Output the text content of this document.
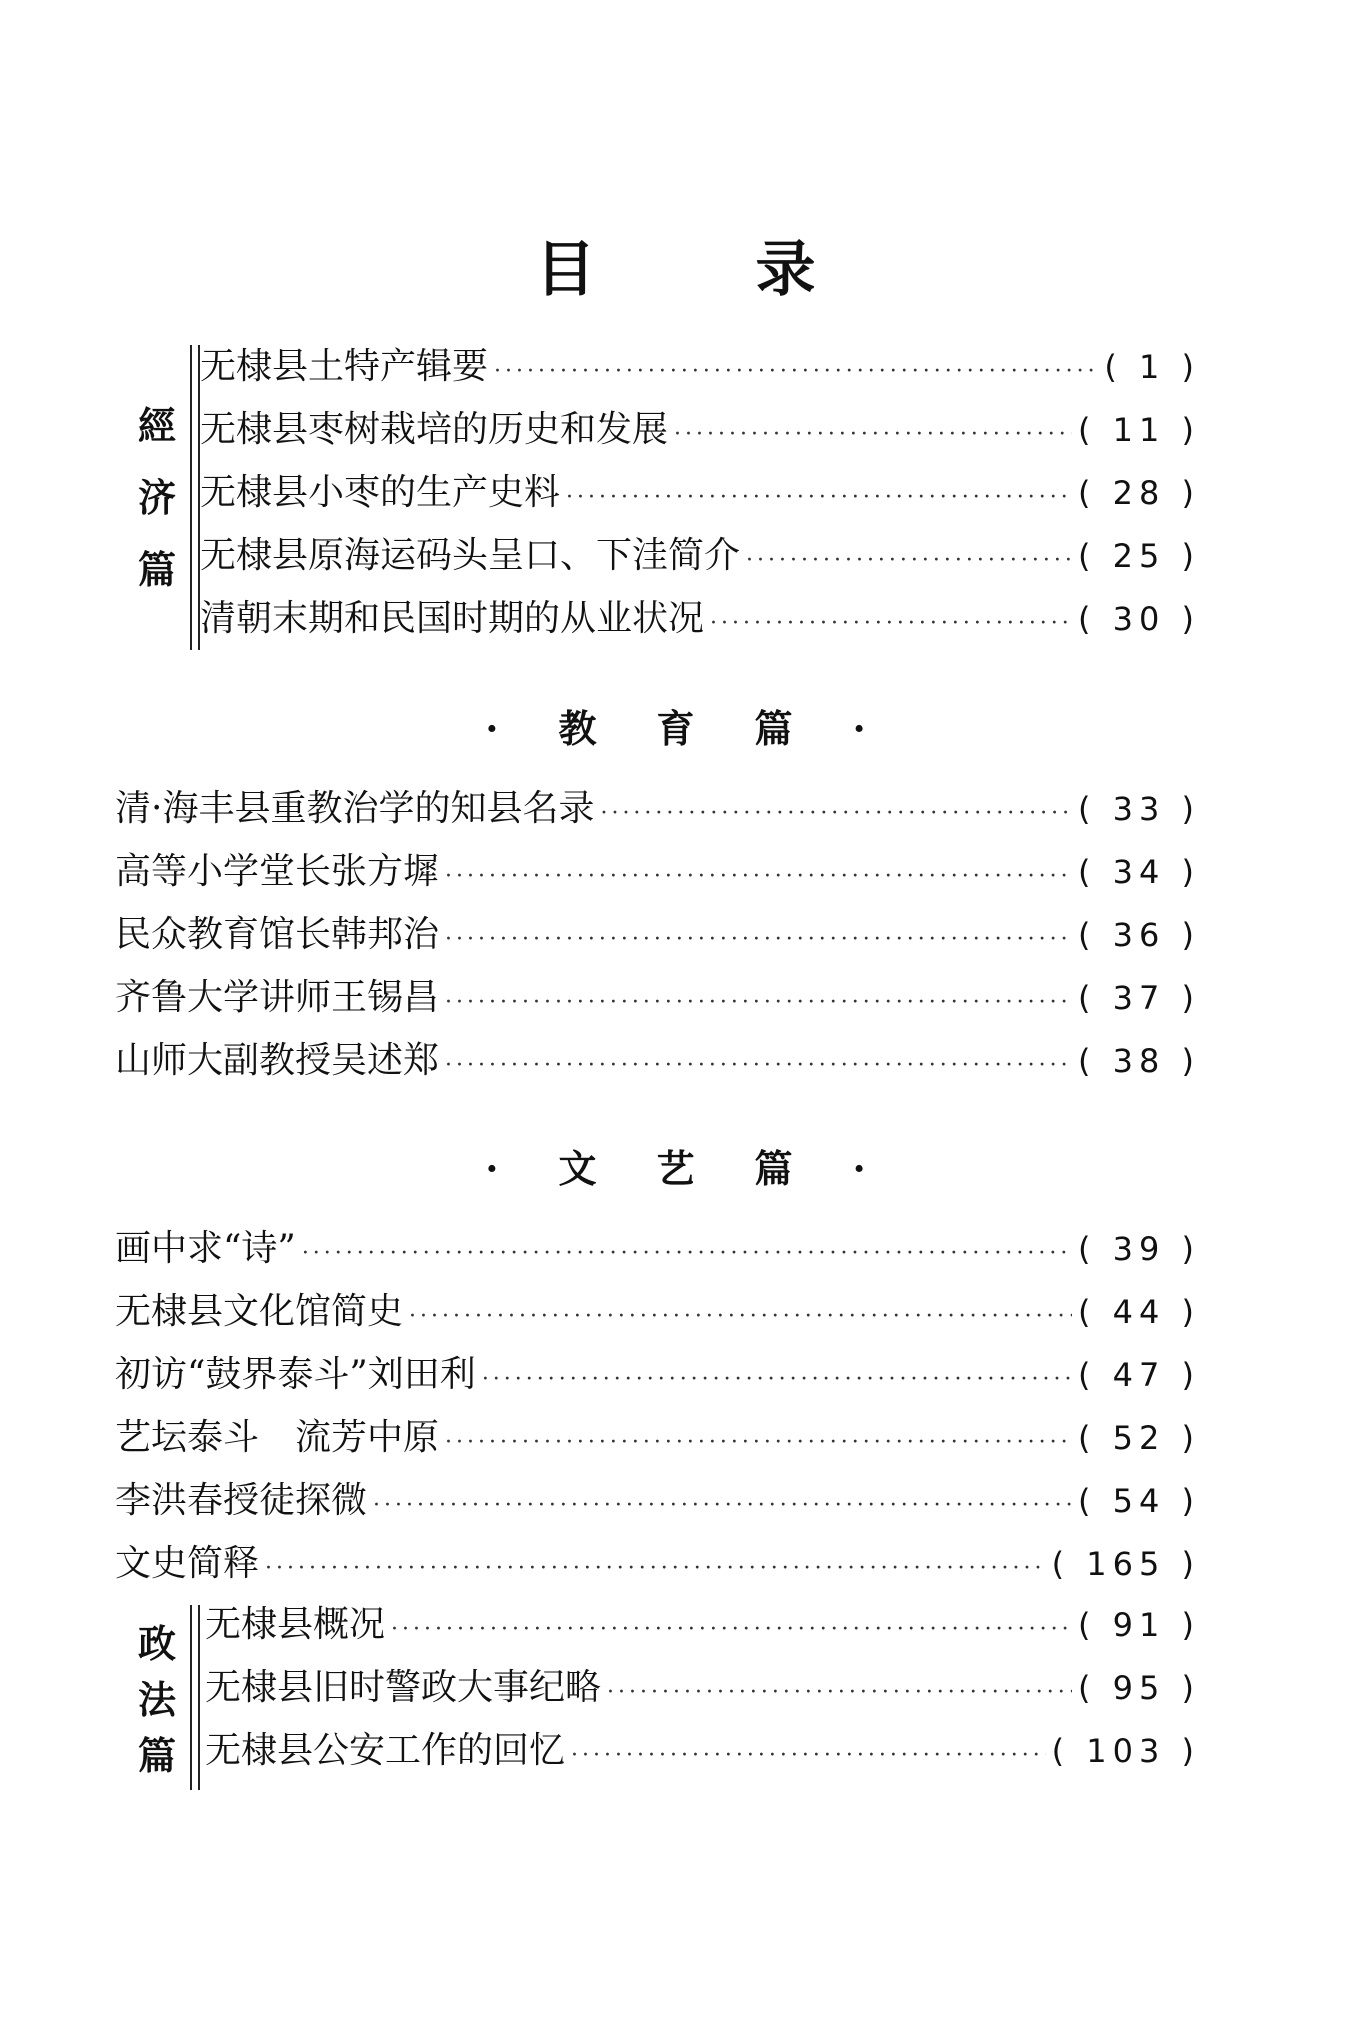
目录
經
济
篇
无棣县土特产辑要 ·····	( 1 )
无棣县枣树栽培的历史和发展 ·····	( 11 )
无棣县小枣的生产史料 ·····	( 28 )
无棣县原海运码头呈口、下洼简介 ·····	( 25 )
清朝末期和民国时期的从业状况 ·····	( 30 )
·教育篇·
清·海丰县重教治学的知县名录 ·····	( 33 )
高等小学堂长张方墀 ·····	( 34 )
民众教育馆长韩邦治 ·····	( 36 )
齐鲁大学讲师王锡昌 ·····	( 37 )
山师大副教授吴述郑 ·····	( 38 )
·文艺篇·
画中求“诗” ·····	( 39 )
无棣县文化馆简史 ·····	( 44 )
初访“鼓界泰斗”刘田利 ·····	( 47 )
艺坛泰斗　流芳中原 ·····	( 52 )
李洪春授徒探微 ·····	( 54 )
文史简释 ·····	( 165 )
政
法
篇
无棣县概况 ·····	( 91 )
无棣县旧时警政大事纪略 ·····	( 95 )
无棣县公安工作的回忆 ·····	( 103 )
